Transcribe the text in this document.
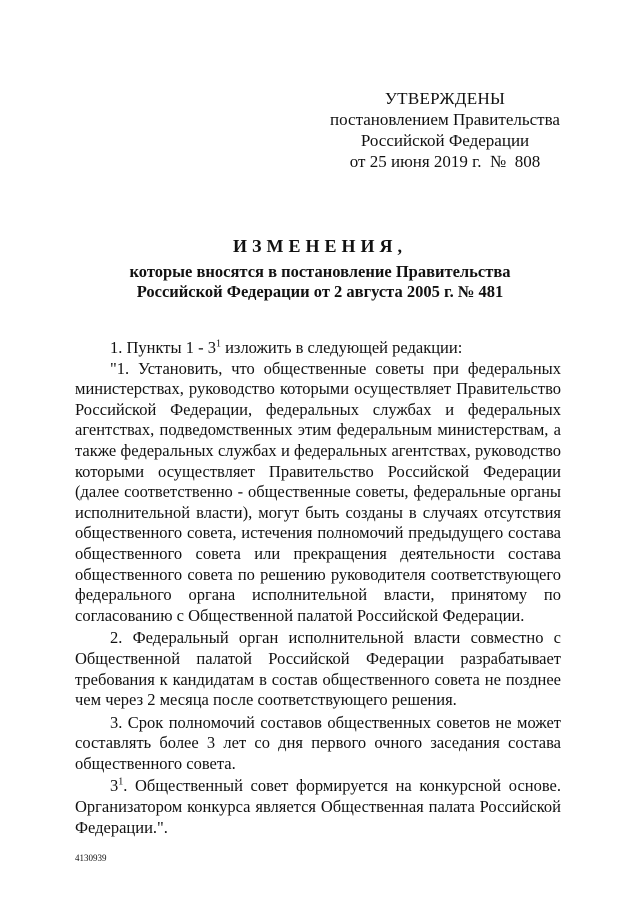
УТВЕРЖДЕНЫ
постановлением Правительства
Российской Федерации
от 25 июня 2019 г.  №  808
ИЗМЕНЕНИЯ,
которые вносятся в постановление Правительства
Российской Федерации от 2 августа 2005 г. № 481

1. Пункты $1 - 3^1$ изложить в следующей редакции:

"1. Установить, что общественные советы при федеральных министерствах, руководство которыми осуществляет Правительство Российской Федерации, федеральных службах и федеральных агентствах, подведомственных этим федеральным министерствам, а также федеральных службах и федеральных агентствах, руководство которыми осуществляет Правительство Российской Федерации (далее соответственно - общественные советы, федеральные органы исполнительной власти), могут быть созданы в случаях отсутствия общественного совета, истечения полномочий предыдущего состава общественного совета или прекращения деятельности состава общественного совета по решению руководителя соответствующего федерального органа исполнительной власти, принятому по согласованию с Общественной палатой Российской Федерации.

2. Федеральный орган исполнительной власти совместно с Общественной палатой Российской Федерации разрабатывает требования к кандидатам в состав общественного совета не позднее чем через 2 месяца после соответствующего решения.

3. Срок полномочий составов общественных советов не может составлять более 3 лет со дня первого очного заседания состава общественного совета.

$3^1$. Общественный совет формируется на конкурсной основе. Организатором конкурса является Общественная палата Российской Федерации.".

4130939
